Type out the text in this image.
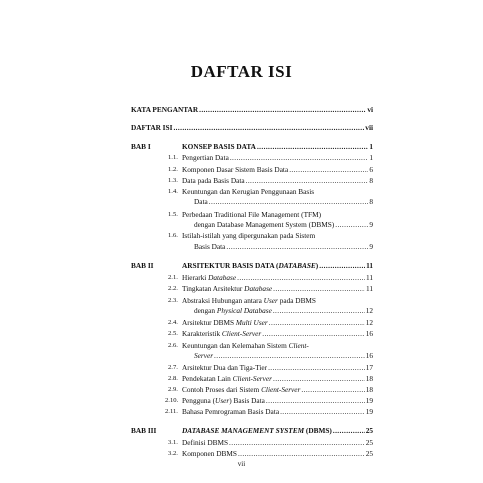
DAFTAR ISI
KATA PENGANTAR .....	vi
DAFTAR ISI .....	vii
BAB I	KONSEP BASIS DATA .....	1
1.1. Pengertian Data .....	1
1.2. Komponen Dasar Sistem Basis Data .....	6
1.3. Data pada Basis Data .....	8
1.4. Keuntungan dan Kerugian Penggunaan Basis
Data .....	8
1.5. Perbedaan Traditional File Management (TFM)
dengan Database Management System (DBMS) .....	9
1.6. Istilah-istilah yang dipergunakan pada Sistem
Basis Data .....	9
BAB II	ARSITEKTUR BASIS DATA (DATABASE) .....	11
2.1. Hierarki Database .....	11
2.2. Tingkatan Arsitektur Database .....	11
2.3. Abstraksi Hubungan antara User pada DBMS
dengan Physical Database .....	12
2.4. Arsitektur DBMS Multi User .....	12
2.5. Karakteristik Client-Server .....	16
2.6. Keuntungan dan Kelemahan Sistem Client-
Server .....	16
2.7. Arsitektur Dua dan Tiga-Tier .....	17
2.8. Pendekatan Lain Client-Server .....	18
2.9. Contoh Proses dari Sistem Client-Server .....	18
2.10. Pengguna (User) Basis Data .....	19
2.11. Bahasa Pemrograman Basis Data .....	19
BAB III	DATABASE MANAGEMENT SYSTEM (DBMS) .....	25
3.1. Definisi DBMS .....	25
3.2. Komponen DBMS .....	25
vii
